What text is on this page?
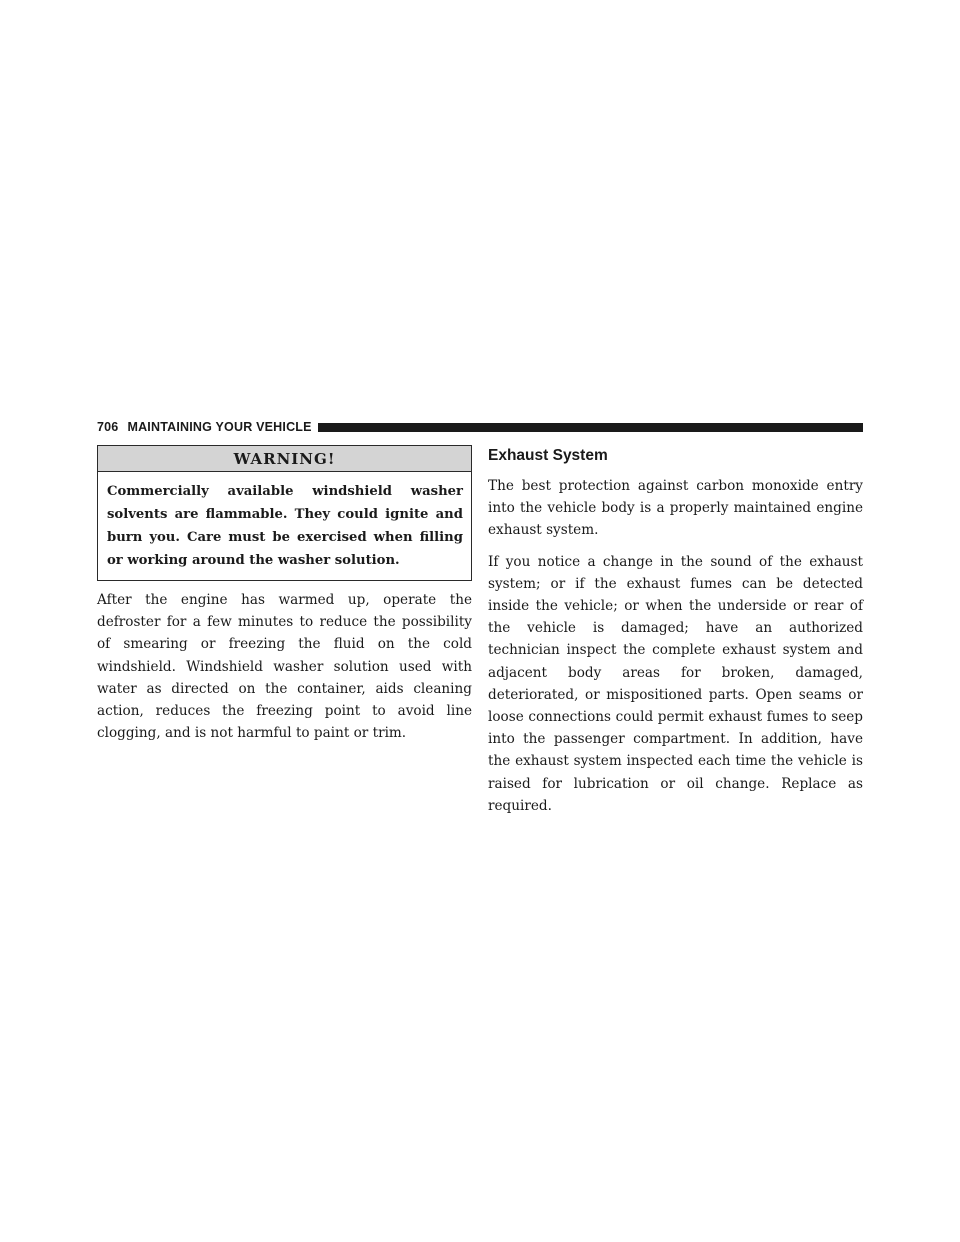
706 MAINTAINING YOUR VEHICLE
WARNING!
Commercially available windshield washer solvents are flammable. They could ignite and burn you. Care must be exercised when filling or working around the washer solution.

After the engine has warmed up, operate the defroster for a few minutes to reduce the possibility of smearing or freezing the fluid on the cold windshield. Windshield washer solution used with water as directed on the container, aids cleaning action, reduces the freezing point to avoid line clogging, and is not harmful to paint or trim.

Exhaust System

The best protection against carbon monoxide entry into the vehicle body is a properly maintained engine exhaust system.

If you notice a change in the sound of the exhaust system; or if the exhaust fumes can be detected inside the vehicle; or when the underside or rear of the vehicle is damaged; have an authorized technician inspect the complete exhaust system and adjacent body areas for broken, damaged, deteriorated, or mispositioned parts. Open seams or loose connections could permit exhaust fumes to seep into the passenger compartment. In addition, have the exhaust system inspected each time the vehicle is raised for lubrication or oil change. Replace as required.
